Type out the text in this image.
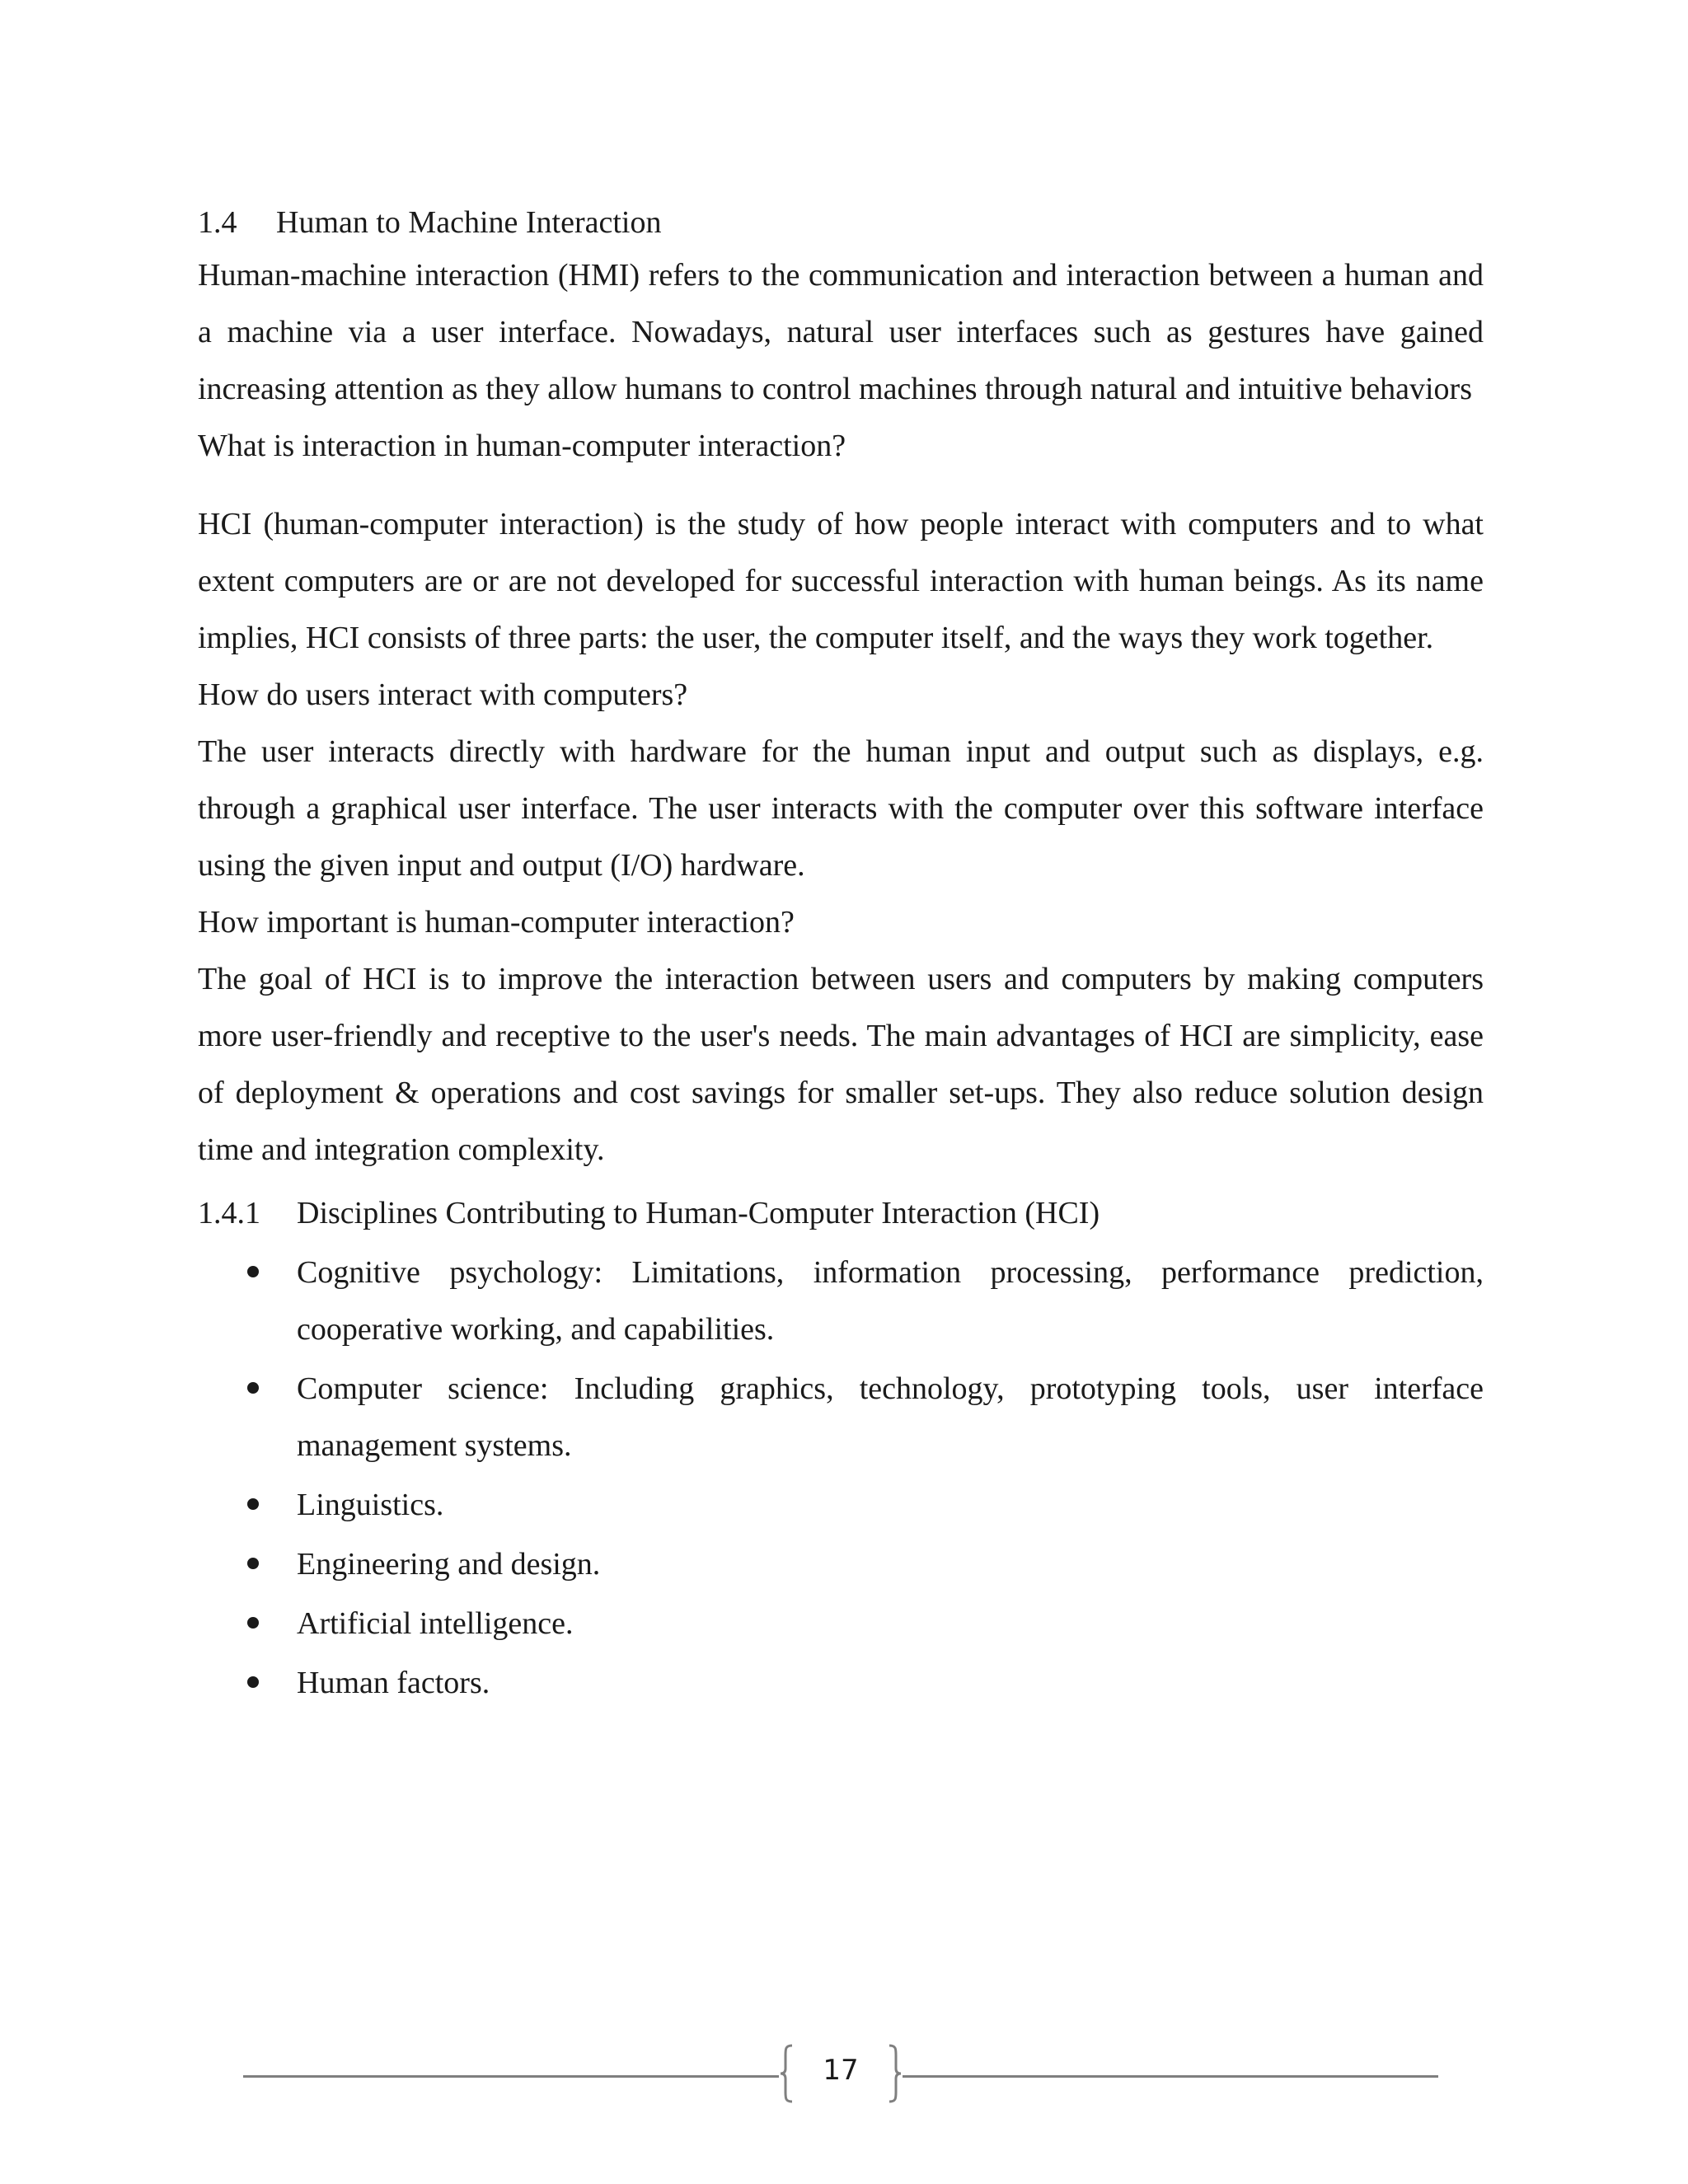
1.4	Human to Machine Interaction

Human-machine interaction (HMI) refers to the communication and interaction between a human and a machine via a user interface. Nowadays, natural user interfaces such as gestures have gained increasing attention as they allow humans to control machines through natural and intuitive behaviors

What is interaction in human-computer interaction?

HCI (human-computer interaction) is the study of how people interact with computers and to what extent computers are or are not developed for successful interaction with human beings. As its name implies, HCI consists of three parts: the user, the computer itself, and the ways they work together.

How do users interact with computers?

The user interacts directly with hardware for the human input and output such as displays, e.g. through a graphical user interface. The user interacts with the computer over this software interface using the given input and output (I/O) hardware.

How important is human-computer interaction?

The goal of HCI is to improve the interaction between users and computers by making computers more user-friendly and receptive to the user's needs. The main advantages of HCI are simplicity, ease of deployment & operations and cost savings for smaller set-ups. They also reduce solution design time and integration complexity.

1.4.1	Disciplines Contributing to Human-Computer Interaction (HCI)
Cognitive psychology: Limitations, information processing, performance prediction, cooperative working, and capabilities.
Computer science: Including graphics, technology, prototyping tools, user interface management systems.
Linguistics.
Engineering and design.
Artificial intelligence.
Human factors.
17
